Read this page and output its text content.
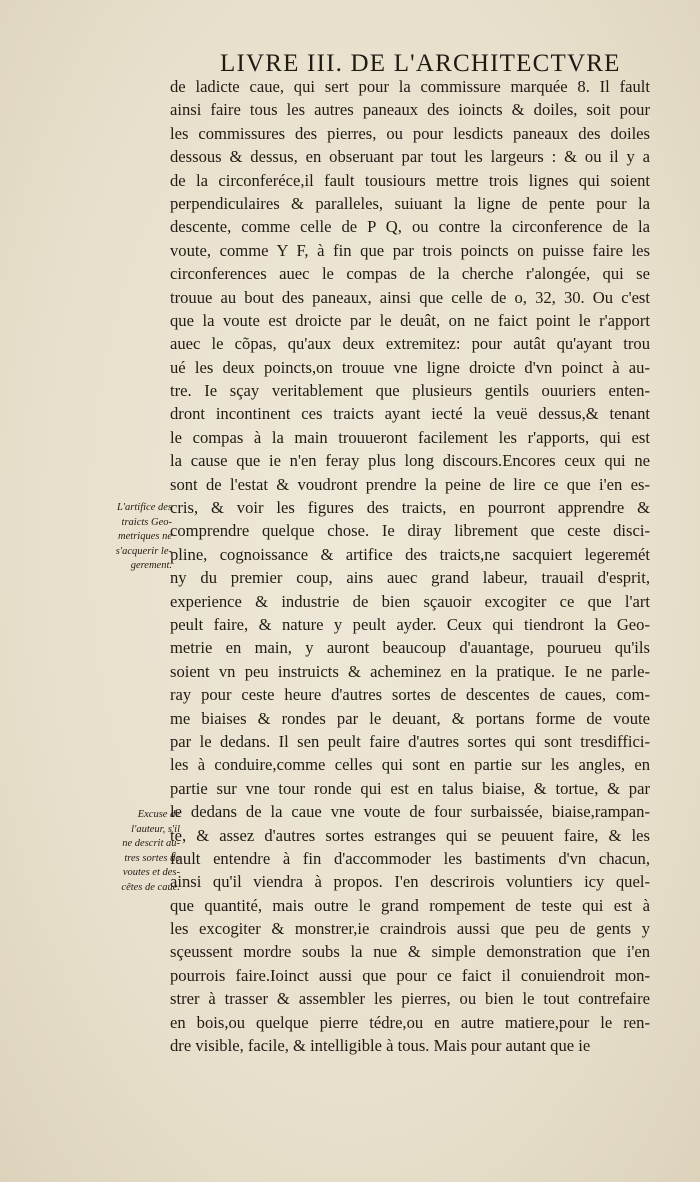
LIVRE III. DE L'ARCHITECTVRE
de ladicte caue, qui sert pour la commissure marquée 8. Il fault
ainsi faire tous les autres paneaux des ioincts & doiles, soit pour
les commissures des pierres, ou pour lesdicts paneaux des doiles
dessous & dessus, en obseruant par tout les largeurs : & ou il y a
de la circonferéce,il fault tousiours mettre trois lignes qui soient
perpendiculaires & paralleles, suiuant la ligne de pente pour la
descente, comme celle de P Q, ou contre la circonference de la
voute, comme Y F, à fin que par trois poincts on puisse faire les
circonferences auec le compas de la cherche r'alongée, qui se
trouue au bout des paneaux, ainsi que celle de o, 32, 30. Ou c'est
que la voute est droicte par le deuât, on ne faict point le r'apport
auec le cõpas, qu'aux deux extremitez: pour autât qu'ayant trou
ué les deux poincts,on trouue vne ligne droicte d'vn poinct à au-
tre. Ie sçay veritablement que plusieurs gentils ouuriers enten-
dront incontinent ces traicts ayant iecté la veuë dessus,& tenant
le compas à la main trouueront facilement les r'apports, qui est
la cause que ie n'en feray plus long discours.Encores ceux qui ne
sont de l'estat & voudront prendre la peine de lire ce que i'en es-
cris, & voir les figures des traicts, en pourront apprendre &
comprendre quelque chose. Ie diray librement que ceste disci-
pline, cognoissance & artifice des traicts,ne sacquiert legeremét
ny du premier coup, ains auec grand labeur, trauail d'esprit,
experience & industrie de bien sçauoir excogiter ce que l'art
peult faire, & nature y peult ayder. Ceux qui tiendront la Geo-
metrie en main, y auront beaucoup d'auantage, pourueu qu'ils
soient vn peu instruicts & acheminez en la pratique. Ie ne parle-
ray pour ceste heure d'autres sortes de descentes de caues, com-
me biaises & rondes par le deuant, & portans forme de voute
par le dedans. Il sen peult faire d'autres sortes qui sont tresdiffici-
les à conduire,comme celles qui sont en partie sur les angles, en
partie sur vne tour ronde qui est en talus biaise, & tortue, & par
le dedans de la caue vne voute de four surbaissée, biaise,rampan-
te, & assez d'autres sortes estranges qui se peuuent faire, & les
fault entendre à fin d'accommoder les bastiments d'vn chacun,
ainsi qu'il viendra à propos. I'en descrirois voluntiers icy quel-
que quantité, mais outre le grand rompement de teste qui est à
les excogiter & monstrer,ie craindrois aussi que peu de gents y
sçeussent mordre soubs la nue & simple demonstration que i'en
pourrois faire.Ioinct aussi que pour ce faict il conuiendroit mon-
strer à trasser & assembler les pierres, ou bien le tout contrefaire
en bois,ou quelque pierre tédre,ou en autre matiere,pour le ren-
dre visible, facile, & intelligible à tous. Mais pour autant que ie
L'artifice des
traicts Geo-
metriques ne
s'acquerir le-
gerement.
Excuse de
l'auteur, s'il
ne descrit au-
tres sortes de
voutes et des-
cêtes de caue.
